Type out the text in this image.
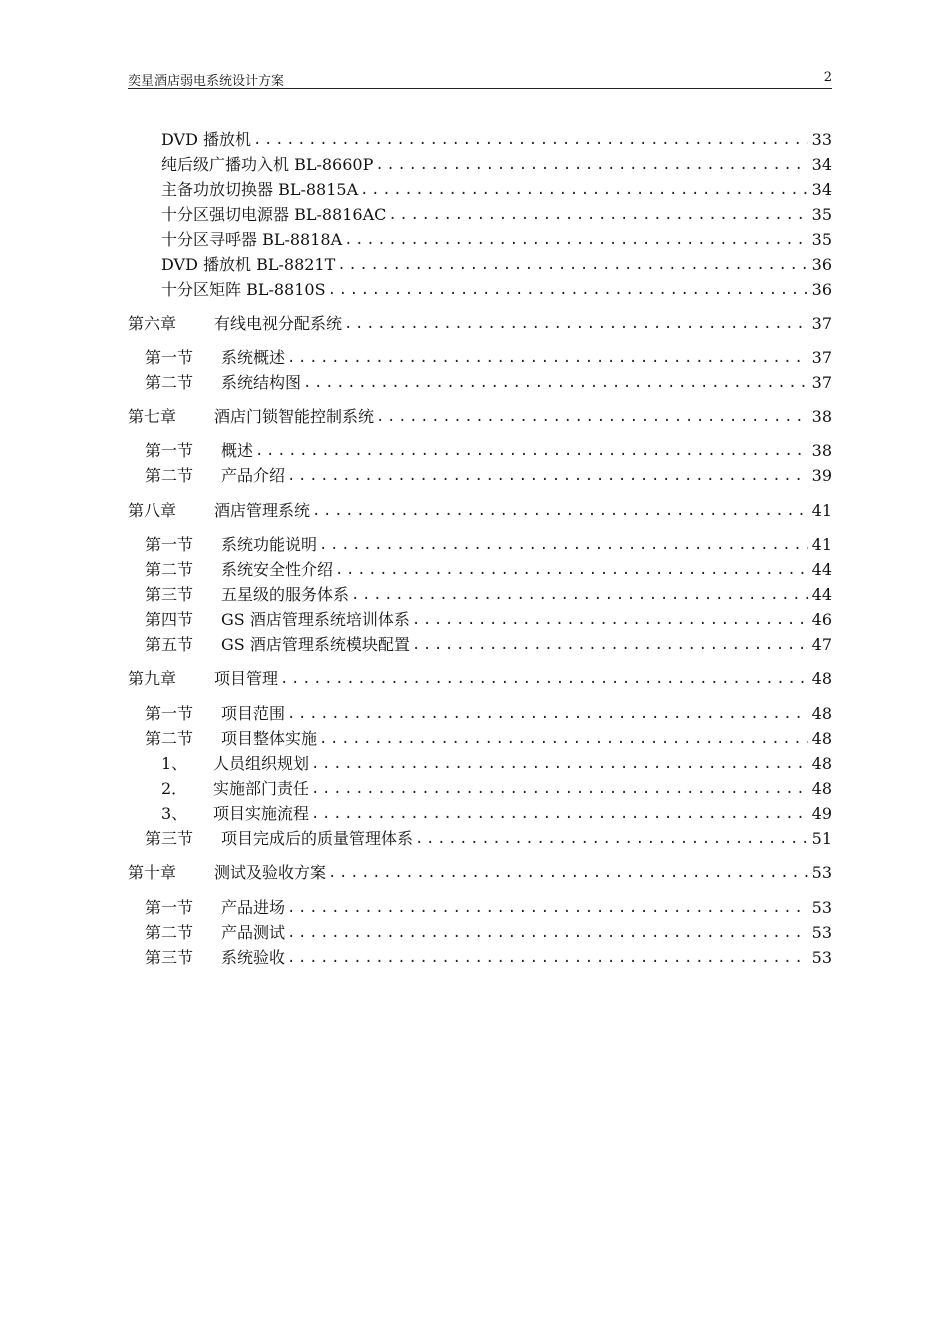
奕星酒店弱电系统设计方案	2
DVD 播放机 .....	33
纯后级广播功入机 BL-8660P .....	34
主备功放切换器 BL-8815A .....	34
十分区强切电源器 BL-8816AC .....	35
十分区寻呼器 BL-8818A .....	35
DVD 播放机 BL-8821T .....	36
十分区矩阵 BL-8810S .....	36
第六章	有线电视分配系统 .....	37
第一节	系统概述 .....	37
第二节	系统结构图 .....	37
第七章	酒店门锁智能控制系统 .....	38
第一节	概述 .....	38
第二节	产品介绍 .....	39
第八章	酒店管理系统 .....	41
第一节	系统功能说明 .....	41
第二节	系统安全性介绍 .....	44
第三节	五星级的服务体系 .....	44
第四节	GS 酒店管理系统培训体系 .....	46
第五节	GS 酒店管理系统模块配置 .....	47
第九章	项目管理 .....	48
第一节	项目范围 .....	48
第二节	项目整体实施 .....	48
1、	人员组织规划 .....	48
2．	实施部门责任 .....	48
3、	项目实施流程 .....	49
第三节	项目完成后的质量管理体系 .....	51
第十章	测试及验收方案 .....	53
第一节	产品进场 .....	53
第二节	产品测试 .....	53
第三节	系统验收 .....	53
